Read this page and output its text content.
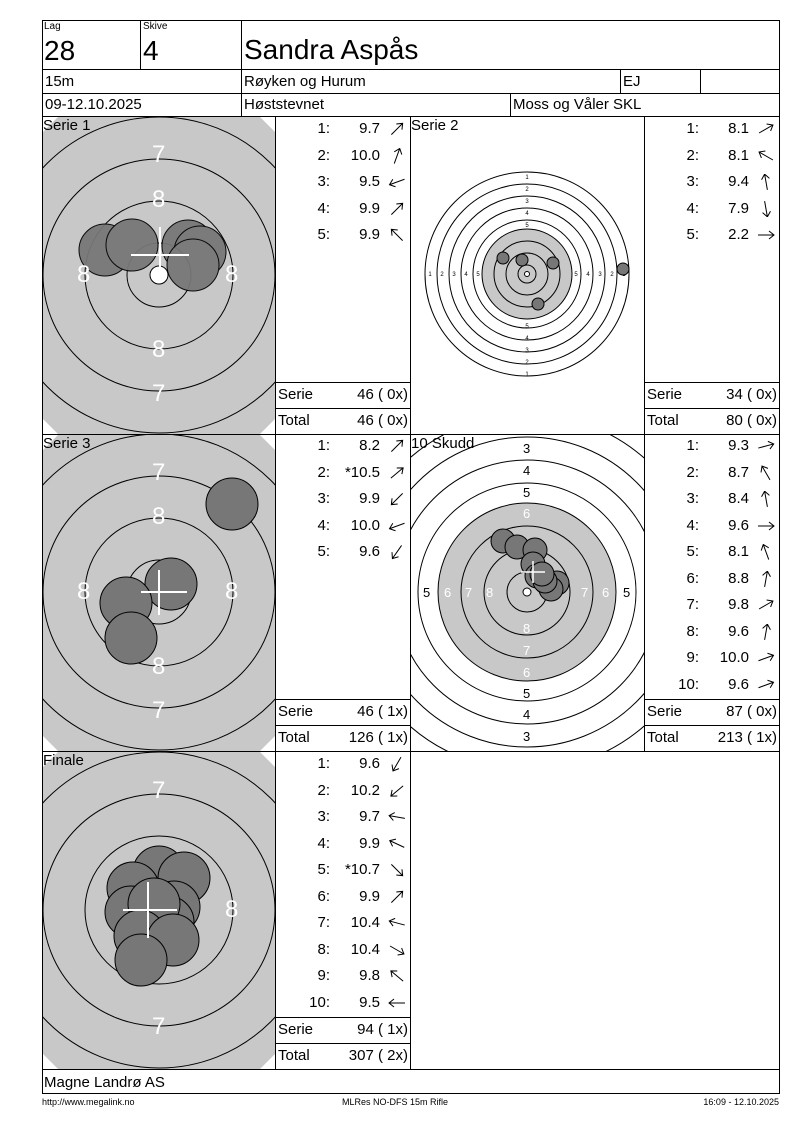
Lag
28
Skive
4	Sandra Aspås
15m	Røyken og Hurum	EJ
09-12.10.2025	Høststevnet	Moss og Våler SKL
7
8
8	8
8
7
Serie 1
1
2
3
4
5
1
2
3
4
5
1 2 3 4 5	2
3
4
5
Serie 2
7
8
8	8
8
7
Serie 3	3
4
5
6
8
7
6
5
4
3
5 6 7 8	7 6 5
10 Skudd
7
8
7
Finale
1:	9.7
2:	10.0
3:	9.5
4:	9.9
5:	9.9
1:	8.1
2:	8.1
3:	9.4
4:	7.9
5:	2.2
1:	8.2
2: *10.5
3:	9.9
4:	10.0
5:	9.6
1:	9.3
2:	8.7
3:	8.4
4:	9.6
5:	8.1
6:	8.8
7:	9.8
8:	9.6
9:	10.0
10:	9.6
1:	9.6
2:	10.2
3:	9.7
4:	9.9
5: *10.7
6:	9.9
7:	10.4
8:	10.4
9:	9.8
10:	9.5
Serie	46 ( 0x)
Total	46 ( 0x)
Serie	34 ( 0x)
Total	80 ( 0x)
Serie	46 ( 1x)
Total	126 ( 1x)
Serie	87 ( 0x)
Total	213 ( 1x)
Serie	94 ( 1x)
Total	307 ( 2x)
Magne Landrø AS
http://www.megalink.no	MLRes NO-DFS 15m Rifle	16:09 - 12.10.2025
